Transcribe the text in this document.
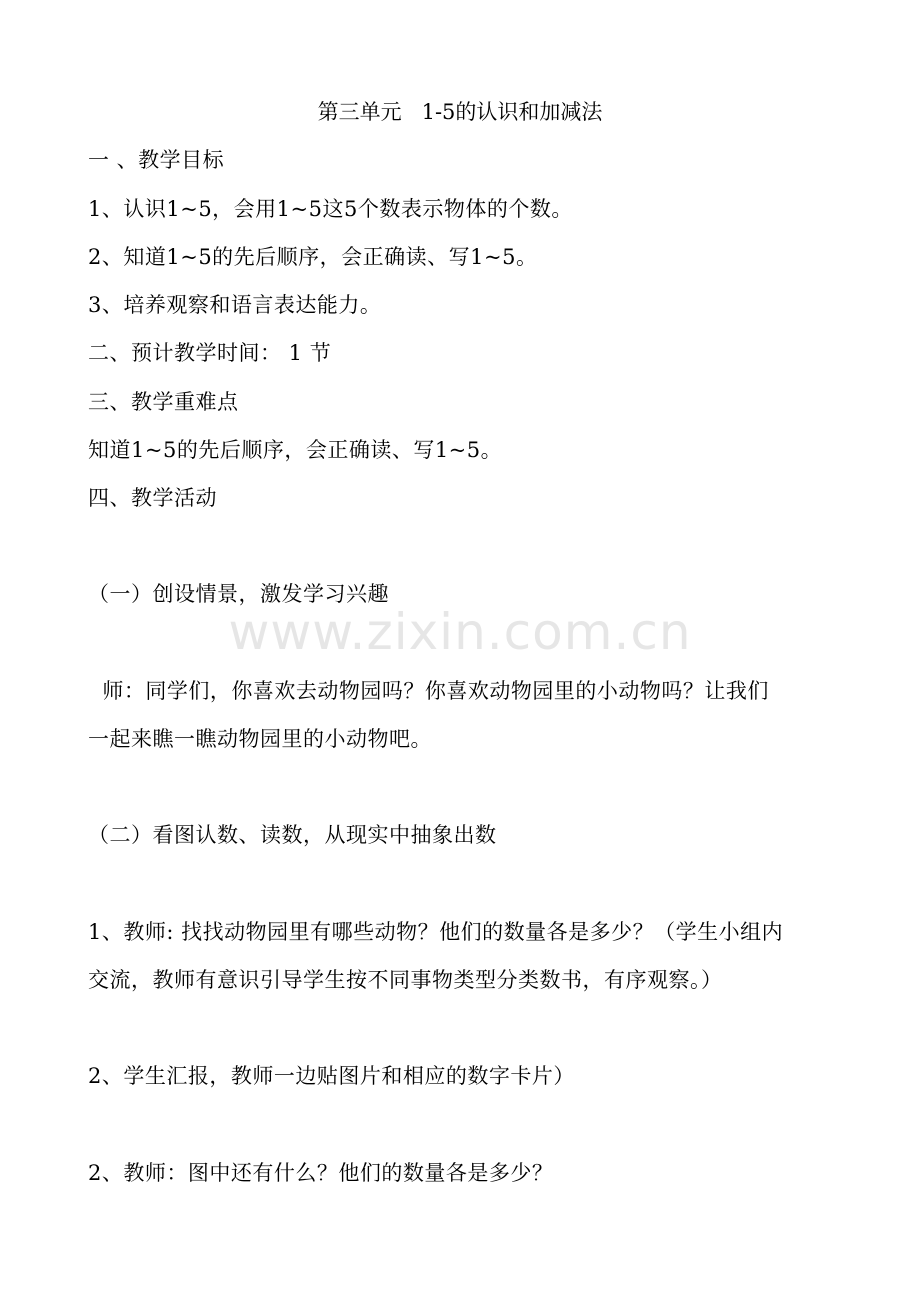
第三单元   1-5的认识和加减法
一 、教学目标
1、认识1~5，会用1~5这5个数表示物体的个数。
2、知道1~5的先后顺序，会正确读、写1~5。
3、培养观察和语言表达能力。
二、预计教学时间： 1 节
三、教学重难点
知道1~5的先后顺序，会正确读、写1~5。
四、教学活动
（一）创设情景，激发学习兴趣
www.zixin.com.cn
师：同学们，你喜欢去动物园吗？你喜欢动物园里的小动物吗？让我们
一起来瞧一瞧动物园里的小动物吧。
（二）看图认数、读数，从现实中抽象出数
1、教师: 找找动物园里有哪些动物？他们的数量各是多少？（学生小组内
交流，教师有意识引导学生按不同事物类型分类数书，有序观察。）
2、学生汇报，教师一边贴图片和相应的数字卡片）
2、教师：图中还有什么？他们的数量各是多少？
